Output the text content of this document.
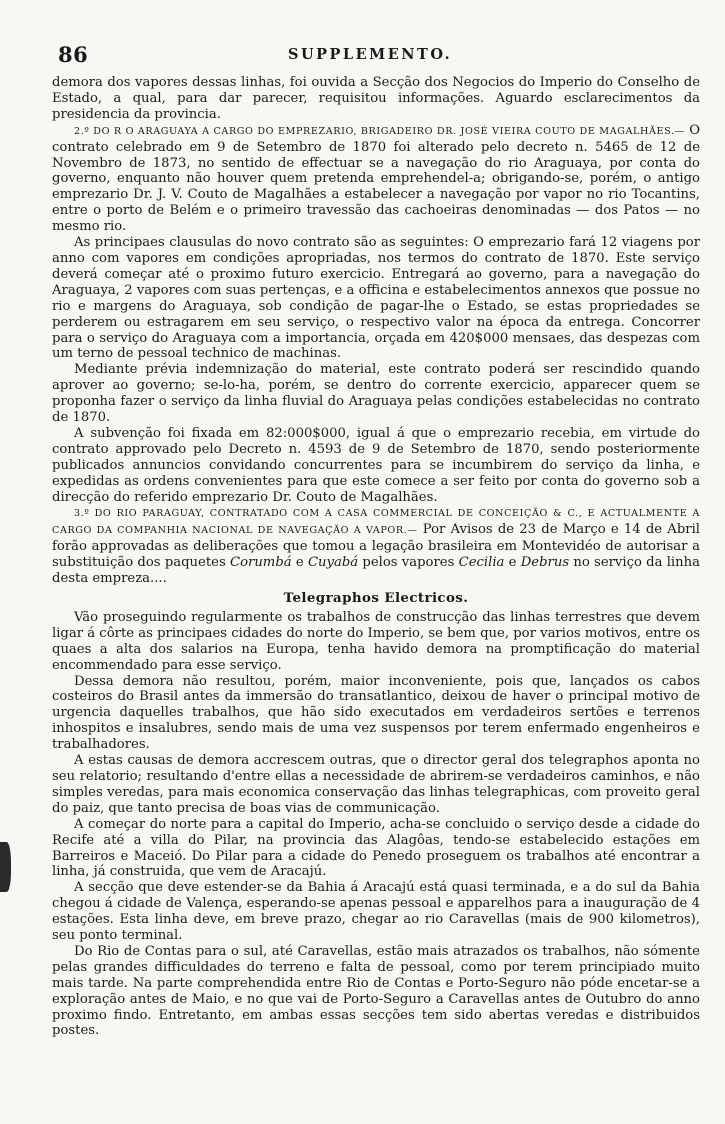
86	SUPPLEMENTO.

demora dos vapores dessas linhas, foi ouvida a Secção dos Negocios do Imperio do Conselho de Estado, a qual, para dar parecer, requisitou informações. Aguardo esclarecimentos da presidencia da provincia.

2.º DO R O ARAGUAYA A CARGO DO EMPREZARIO, BRIGADEIRO DR. JOSÉ VIEIRA COUTO DE MAGALHÃES.— O contrato celebrado em 9 de Setembro de 1870 foi alterado pelo decreto n. 5465 de 12 de Novembro de 1873, no sentido de effectuar se a navegação do rio Araguaya, por conta do governo, enquanto não houver quem pretenda emprehendel-a; obrigando-se, porém, o antigo emprezario Dr. J. V. Couto de Magalhães a estabelecer a navegação por vapor no rio Tocantins, entre o porto de Belém e o primeiro travessão das cachoeiras denominadas — dos Patos — no mesmo rio.

As principaes clausulas do novo contrato são as seguintes: O emprezario fará 12 viagens por anno com vapores em condições apropriadas, nos termos do contrato de 1870. Este serviço deverá começar até o proximo futuro exercicio. Entregará ao governo, para a navegação do Araguaya, 2 vapores com suas pertenças, e a officina e estabelecimentos annexos que possue no rio e margens do Araguaya, sob condição de pagar-lhe o Estado, se estas propriedades se perderem ou estragarem em seu serviço, o respectivo valor na época da entrega. Concorrer para o serviço do Araguaya com a importancia, orçada em 420$000 mensaes, das despezas com um terno de pessoal technico de machinas.

Mediante prévia indemnização do material, este contrato poderá ser rescindido quando aprover ao governo; se-lo-ha, porém, se dentro do corrente exercicio, apparecer quem se proponha fazer o serviço da linha fluvial do Araguaya pelas condições estabelecidas no contrato de 1870.

A subvenção foi fixada em 82:000$000, igual á que o emprezario recebia, em virtude do contrato approvado pelo Decreto n. 4593 de 9 de Setembro de 1870, sendo posteriormente publicados annuncios convidando concurrentes para se incumbirem do serviço da linha, e expedidas as ordens convenientes para que este comece a ser feito por conta do governo sob a direcção do referido emprezario Dr. Couto de Magalhães.

3.º DO RIO PARAGUAY, CONTRATADO COM A CASA COMMERCIAL DE CONCEIÇÃO & C., E ACTUALMENTE A CARGO DA COMPANHIA NACIONAL DE NAVEGAÇÃO A VAPOR.— Por Avisos de 23 de Março e 14 de Abril forão approvadas as deliberações que tomou a legação brasileira em Montevidéo de autorisar a substituição dos paquetes Corumbá e Cuyabá pelos vapores Cecilia e Debrus no serviço da linha desta empreza....

Telegraphos Electricos.

Vão proseguindo regularmente os trabalhos de construcção das linhas terrestres que devem ligar á côrte as principaes cidades do norte do Imperio, se bem que, por varios motivos, entre os quaes a alta dos salarios na Europa, tenha havido demora na promptificação do material encommendado para esse serviço.

Dessa demora não resultou, porém, maior inconveniente, pois que, lançados os cabos costeiros do Brasil antes da immersão do transatlantico, deixou de haver o principal motivo de urgencia daquelles trabalhos, que hão sido executados em verdadeiros sertões e terrenos inhospitos e insalubres, sendo mais de uma vez suspensos por terem enfermado engenheiros e trabalhadores.

A estas causas de demora accrescem outras, que o director geral dos telegraphos aponta no seu relatorio; resultando d'entre ellas a necessidade de abrirem-se verdadeiros caminhos, e não simples veredas, para mais economica conservação das linhas telegraphicas, com proveito geral do paiz, que tanto precisa de boas vias de communicação.

A começar do norte para a capital do Imperio, acha-se concluido o serviço desde a cidade do Recife até a villa do Pilar, na provincia das Alagôas, tendo-se estabelecido estações em Barreiros e Maceió. Do Pilar para a cidade do Penedo proseguem os trabalhos até encontrar a linha, já construida, que vem de Aracajú.

A secção que deve estender-se da Bahia á Aracajú está quasi terminada, e a do sul da Bahia chegou á cidade de Valença, esperando-se apenas pessoal e apparelhos para a inauguração de 4 estações. Esta linha deve, em breve prazo, chegar ao rio Caravellas (mais de 900 kilometros), seu ponto terminal.

Do Rio de Contas para o sul, até Caravellas, estão mais atrazados os trabalhos, não sómente pelas grandes difficuldades do terreno e falta de pessoal, como por terem principiado muito mais tarde. Na parte comprehendida entre Rio de Contas e Porto-Seguro não póde encetar-se a exploração antes de Maio, e no que vai de Porto-Seguro a Caravellas antes de Outubro do anno proximo findo. Entretanto, em ambas essas secções tem sido abertas veredas e distribuidos postes.
